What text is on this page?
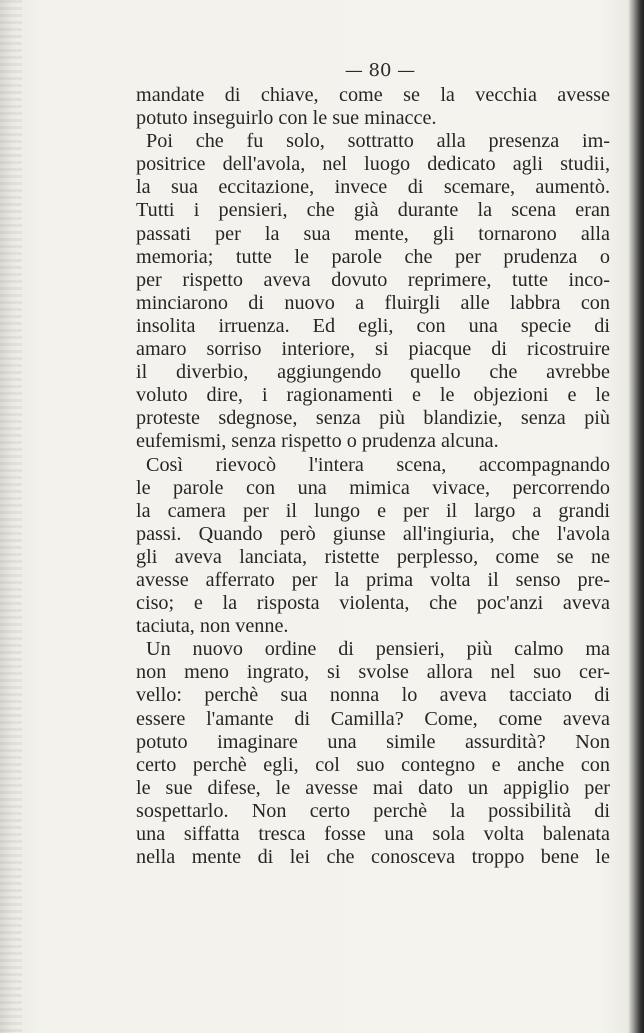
— 80 —
mandate di chiave, come se la vecchia avesse
potuto inseguirlo con le sue minacce.
Poi che fu solo, sottratto alla presenza im-
positrice dell'avola, nel luogo dedicato agli studii,
la sua eccitazione, invece di scemare, aumentò.
Tutti i pensieri, che già durante la scena eran
passati per la sua mente, gli tornarono alla
memoria; tutte le parole che per prudenza o
per rispetto aveva dovuto reprimere, tutte inco-
minciarono di nuovo a fluirgli alle labbra con
insolita irruenza. Ed egli, con una specie di
amaro sorriso interiore, si piacque di ricostruire
il diverbio, aggiungendo quello che avrebbe
voluto dire, i ragionamenti e le objezioni e le
proteste sdegnose, senza più blandizie, senza più
eufemismi, senza rispetto o prudenza alcuna.
Così rievocò l'intera scena, accompagnando
le parole con una mimica vivace, percorrendo
la camera per il lungo e per il largo a grandi
passi. Quando però giunse all'ingiuria, che l'avola
gli aveva lanciata, ristette perplesso, come se ne
avesse afferrato per la prima volta il senso pre-
ciso; e la risposta violenta, che poc'anzi aveva
taciuta, non venne.
Un nuovo ordine di pensieri, più calmo ma
non meno ingrato, si svolse allora nel suo cer-
vello: perchè sua nonna lo aveva tacciato di
essere l'amante di Camilla? Come, come aveva
potuto imaginare una simile assurdità? Non
certo perchè egli, col suo contegno e anche con
le sue difese, le avesse mai dato un appiglio per
sospettarlo. Non certo perchè la possibilità di
una siffatta tresca fosse una sola volta balenata
nella mente di lei che conosceva troppo bene le
